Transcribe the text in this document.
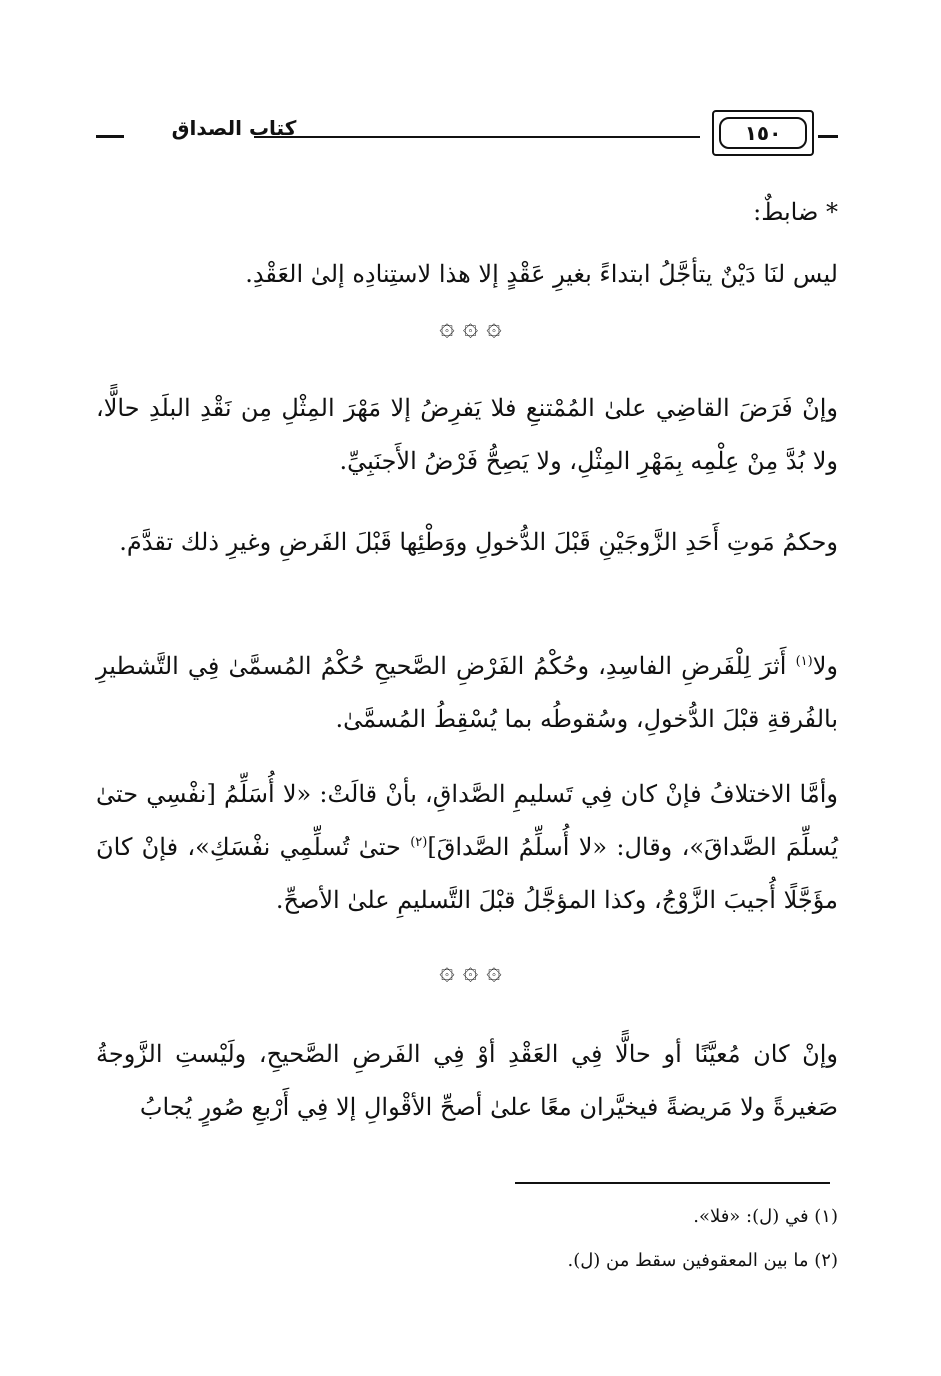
كتاب الصداق	١٥٠
* ضابطٌ:
ليس لنَا دَيْنٌ يتأجَّلُ ابتداءً بغيرِ عَقْدٍ إلا هذا لاستِنادِه إلىٰ العَقْدِ.
۞ ۞ ۞
وإنْ فَرَضَ القاضِي علىٰ المُمْتنعِ فلا يَفرِضُ إلا مَهْرَ المِثْلِ مِن نَقْدِ البلَدِ حالًّا، ولا بُدَّ مِنْ عِلْمِه بِمَهْرِ المِثْلِ، ولا يَصِحُّ فَرْضُ الأَجنَبِيِّ.
وحكمُ مَوتِ أَحَدِ الزَّوجَيْنِ قَبْلَ الدُّخولِ ووَطْئِها قَبْلَ الفَرضِ وغيرِ ذلك تقدَّمَ.
ولا$^{(١)}$ أَثرَ لِلْفَرضِ الفاسِدِ، وحُكْمُ الفَرْضِ الصَّحيحِ حُكْمُ المُسمَّىٰ فِي التَّشطيرِ بالفُرقةِ قبْلَ الدُّخولِ، وسُقوطُه بما يُسْقِطُ المُسمَّىٰ.
وأمَّا الاختلافُ فإنْ كان فِي تَسليمِ الصَّداقِ، بأنْ قالَتْ: «لا أُسَلِّمُ [نفْسِي حتىٰ يُسلِّمَ الصَّداقَ»، وقال: «لا أُسلِّمُ الصَّداقَ]$^{(٢)}$ حتىٰ تُسلِّمِي نفْسَكِ»، فإنْ كانَ مؤَجَّلًا أُجيبَ الزَّوْجُ، وكذا المؤجَّلُ قبْلَ التَّسليمِ علىٰ الأصحِّ.
۞ ۞ ۞
وإنْ كان مُعيَّنًا أو حالًّا فِي العَقْدِ أوْ فِي الفَرضِ الصَّحيحِ، ولَيْستِ الزَّوجةُ صَغيرةً ولا مَريضةً فيخيَّران معًا علىٰ أصحِّ الأقْوالِ إلا فِي أَرْبعِ صُورٍ يُجابُ
(١) في (ل): «فلا».
(٢) ما بين المعقوفين سقط من (ل).
